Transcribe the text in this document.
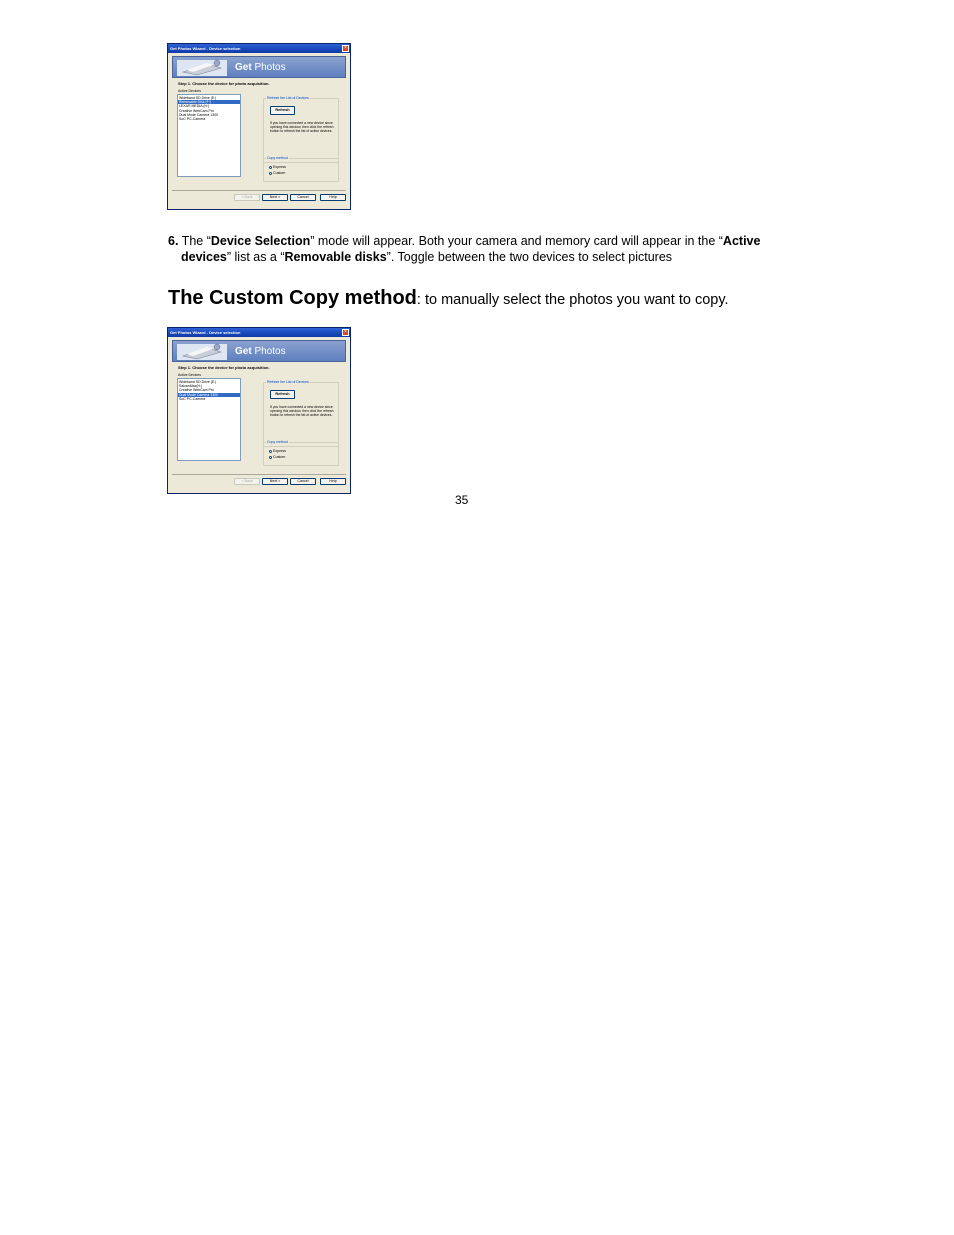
Get Photos Wizard - Device selection	×
Get Photos
Step 1. Choose the device for photo acquisition.
Active Devices
Wideband SD Drive (E:)
Removable Disk (F:)
LEXAR MEDIA (H:)
Creative WebCam Pro
Dual Mode Camera 1300
SoC PC-Camera
Refresh the List of Devices
Refresh
If you have connected a new device since opening this window, then click the refresh button to refresh the list of active devices.
Copy method
Express
Custom
< Back	Next >	Cancel	Help
6. The “Device Selection” mode will appear. Both your camera and memory card will appear in the “Active
devices” list as a “Removable disks”. Toggle between the two devices to select pictures
The Custom Copy method: to manually select the photos you want to copy.
Get Photos Wizard - Device selection	×
Get Photos
Step 1. Choose the device for photo acquisition.
Active Devices
Wideband SD Drive (E:)
SalvanMax(H:)
Creative WebCam Pro
Dual Mode Camera 1300
SoC PC-Camera
Refresh the List of Devices
Refresh
If you have connected a new device since opening this window, then click the refresh button to refresh the list of active devices.
Copy method
Express
Custom
< Back	Next >	Cancel	Help
35
